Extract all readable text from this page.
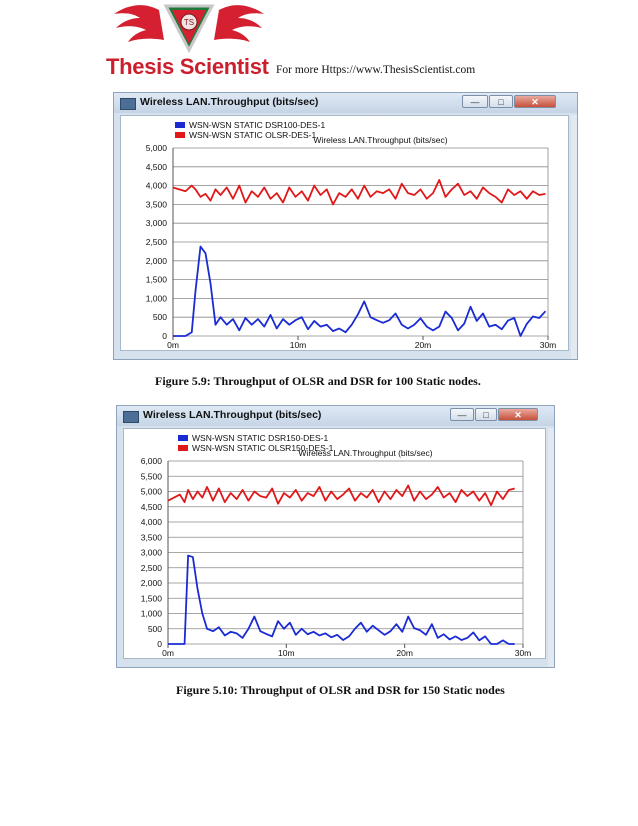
TS
Thesis Scientist For more Https://www.ThesisScientist.com
Wireless LAN.Throughput (bits/sec)	—	□	✕
WSN-WSN STATIC DSR100-DES-1
WSN-WSN STATIC OLSR-DES-1
Wireless LAN.Throughput (bits/sec)
5,000
4,500
4,000
3,500
3,000
2,500
2,000
1,500
1,000
500
0
0m	10m	20m	30m
Figure 5.9: Throughput of OLSR and DSR for 100 Static nodes.
Wireless LAN.Throughput (bits/sec)	—	□	✕
WSN-WSN STATIC DSR150-DES-1
WSN-WSN STATIC OLSR150-DES-1
Wireless LAN.Throughput (bits/sec)
6,000
5,500
5,000
4,500
4,000
3,500
3,000
2,500
2,000
1,500
1,000
500
0
0m	10m	20m	30m
Figure 5.10: Throughput of OLSR and DSR for 150 Static nodes
